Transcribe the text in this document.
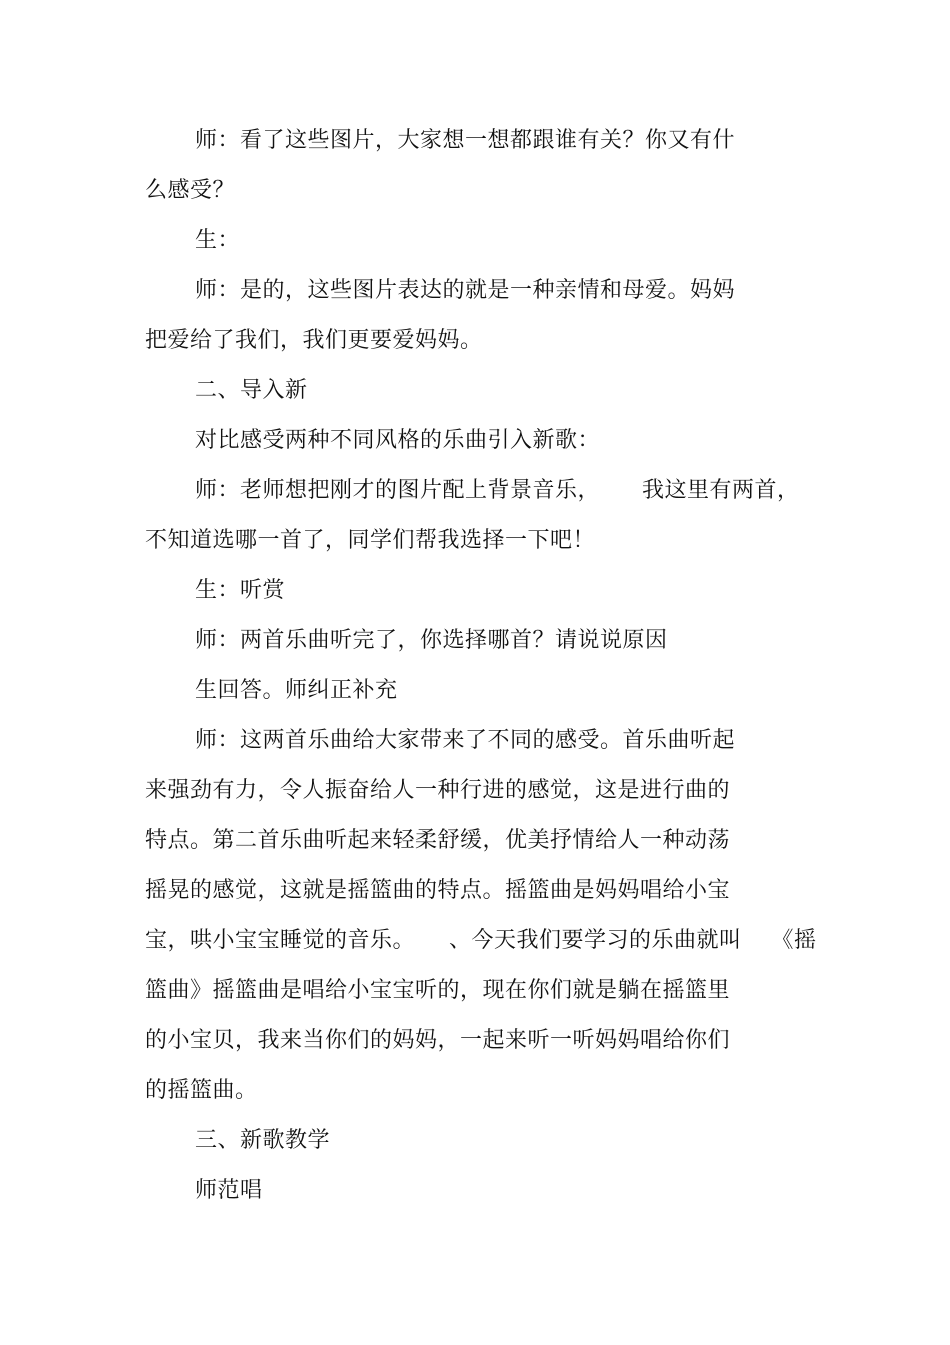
师：看了这些图片，大家想一想都跟谁有关？你又有什
么感受？
生：
师：是的，这些图片表达的就是一种亲情和母爱。妈妈
把爱给了我们，我们更要爱妈妈。
二、导入新
对比感受两种不同风格的乐曲引入新歌：
师：老师想把刚才的图片配上背景音乐， 我这里有两首，
不知道选哪一首了，同学们帮我选择一下吧！
生：听赏
师：两首乐曲听完了，你选择哪首？请说说原因
生回答。师纠正补充
师：这两首乐曲给大家带来了不同的感受。首乐曲听起
来强劲有力，令人振奋给人一种行进的感觉，这是进行曲的
特点。第二首乐曲听起来轻柔舒缓，优美抒情给人一种动荡
摇晃的感觉，这就是摇篮曲的特点。摇篮曲是妈妈唱给小宝
宝，哄小宝宝睡觉的音乐。 、今天我们要学习的乐曲就叫 《摇
篮曲》摇篮曲是唱给小宝宝听的，现在你们就是躺在摇篮里
的小宝贝，我来当你们的妈妈，一起来听一听妈妈唱给你们
的摇篮曲。
三、新歌教学
师范唱
